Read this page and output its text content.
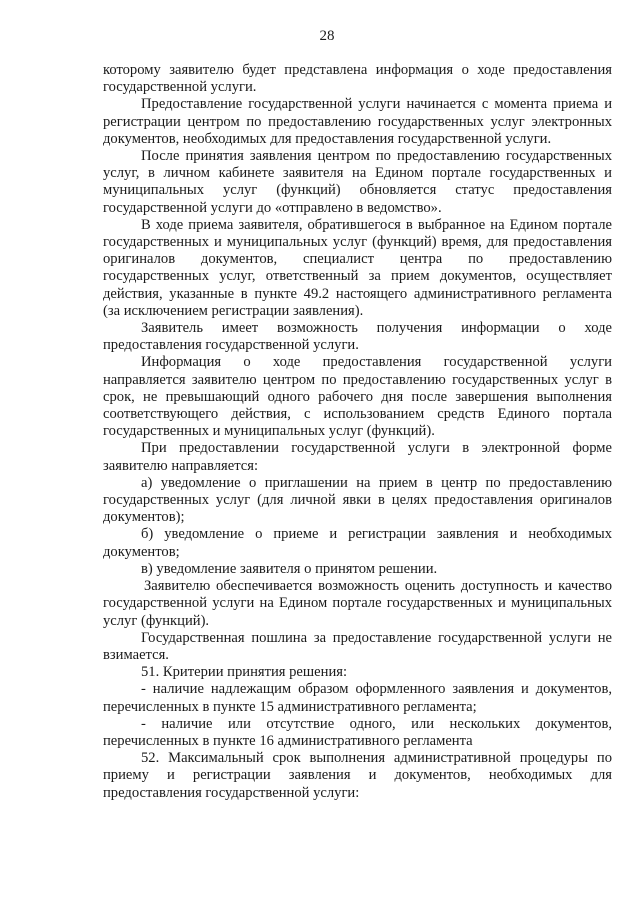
28
которому заявителю будет представлена информация о ходе предоставления
государственной услуги.
Предоставление государственной услуги начинается с момента приема и
регистрации центром по предоставлению государственных услуг электронных
документов, необходимых для предоставления государственной услуги.
После принятия заявления центром по предоставлению государственных
услуг, в личном кабинете заявителя на Едином портале государственных и
муниципальных услуг (функций) обновляется статус предоставления
государственной услуги до «отправлено в ведомство».
В ходе приема заявителя, обратившегося в выбранное на Едином портале
государственных и муниципальных услуг (функций) время, для предоставления
оригиналов документов, специалист центра по предоставлению
государственных услуг, ответственный за прием документов, осуществляет
действия, указанные в пункте 49.2 настоящего административного регламента
(за исключением регистрации заявления).
Заявитель имеет возможность получения информации о ходе
предоставления государственной услуги.
Информация о ходе предоставления государственной услуги
направляется заявителю центром по предоставлению государственных услуг в
срок, не превышающий одного рабочего дня после завершения выполнения
соответствующего действия, с использованием средств Единого портала
государственных и муниципальных услуг (функций).
При предоставлении государственной услуги в электронной форме
заявителю направляется:
а) уведомление о приглашении на прием в центр по предоставлению
государственных услуг (для личной явки в целях предоставления оригиналов
документов);
б) уведомление о приеме и регистрации заявления и необходимых
документов;
в) уведомление заявителя о принятом решении.
Заявителю обеспечивается возможность оценить доступность и качество
государственной услуги на Едином портале государственных и муниципальных
услуг (функций).
Государственная пошлина за предоставление государственной услуги не
взимается.
51. Критерии принятия решения:
- наличие надлежащим образом оформленного заявления и документов,
перечисленных в пункте 15 административного регламента;
- наличие или отсутствие одного, или нескольких документов,
перечисленных в пункте 16 административного регламента
52. Максимальный срок выполнения административной процедуры по
приему и регистрации заявления и документов, необходимых для
предоставления государственной услуги:
